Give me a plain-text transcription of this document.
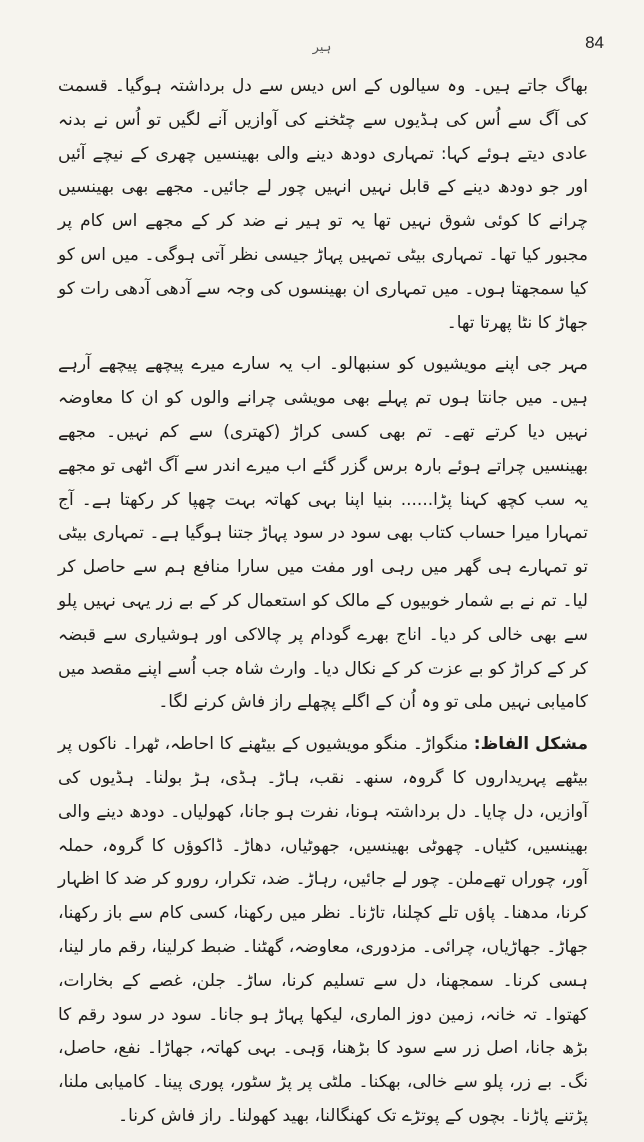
ہیر	84

بھاگ جاتے ہیں۔ وہ سیالوں کے اس دیس سے دل برداشتہ ہوگیا۔ قسمت کی آگ سے اُس کی ہڈیوں سے چٹخنے کی آوازیں آنے لگیں تو اُس نے بدنہ عادی دیتے ہوئے کہا: تمہاری دودھ دینے والی بھینسیں چھری کے نیچے آئیں اور جو دودھ دینے کے قابل نہیں انہیں چور لے جائیں۔ مجھے بھی بھینسیں چرانے کا کوئی شوق نہیں تھا یہ تو ہیر نے ضد کر کے مجھے اس کام پر مجبور کیا تھا۔ تمہاری بیٹی تمہیں پہاڑ جیسی نظر آتی ہوگی۔ میں اس کو کیا سمجھتا ہوں۔ میں تمہاری ان بھینسوں کی وجہ سے آدھی آدھی رات کو جھاڑ کا نٹا پھرتا تھا۔

مہر جی اپنے مویشیوں کو سنبھالو۔ اب یہ سارے میرے پیچھے پیچھے آرہے ہیں۔ میں جانتا ہوں تم پہلے بھی مویشی چرانے والوں کو ان کا معاوضہ نہیں دیا کرتے تھے۔ تم بھی کسی کراڑ (کھتری) سے کم نہیں۔ مجھے بھینسیں چراتے ہوئے بارہ برس گزر گئے اب میرے اندر سے آگ اٹھی تو مجھے یہ سب کچھ کہنا پڑا...... بنیا اپنا بہی کھاتہ بہت چھپا کر رکھتا ہے۔ آج تمہارا میرا حساب کتاب بھی سود در سود پہاڑ جتنا ہوگیا ہے۔ تمہاری بیٹی تو تمہارے ہی گھر میں رہی اور مفت میں سارا منافع ہم سے حاصل کر لیا۔ تم نے بے شمار خوبیوں کے مالک کو استعمال کر کے بے زر یہی نہیں پلو سے بھی خالی کر دیا۔ اناج بھرے گودام پر چالاکی اور ہوشیاری سے قبضہ کر کے کراڑ کو بے عزت کر کے نکال دیا۔ وارث شاہ جب اُسے اپنے مقصد میں کامیابی نہیں ملی تو وہ اُن کے اگلے پچھلے راز فاش کرنے لگا۔

مشکل الفاظ: منگواڑ۔ منگو مویشیوں کے بیٹھنے کا احاطہ، ٹھرا۔ ناکوں پر بیٹھے پہریداروں کا گروہ، سنھ۔ نقب، ہاڑ۔ ہڈی، ہڑ بولنا۔ ہڈیوں کی آوازیں، دل چایا۔ دل برداشتہ ہونا، نفرت ہو جانا، کھولیاں۔ دودھ دینے والی بھینسیں، کٹیاں۔ چھوٹی بھینسیں، جھوٹیاں، دھاڑ۔ ڈاکوؤں کا گروہ، حملہ آور، چوراں تھےملن۔ چور لے جائیں، رہاڑ۔ ضد، تکرار، رورو کر ضد کا اظہار کرنا، مدھنا۔ پاؤں تلے کچلنا، تاڑنا۔ نظر میں رکھنا، کسی کام سے باز رکھنا، جھاڑ۔ جھاڑیاں، چرائی۔ مزدوری، معاوضہ، گھٹنا۔ ضبط کرلینا، رقم مار لینا، ہسی کرنا۔ سمجھنا، دل سے تسلیم کرنا، ساڑ۔ جلن، غصے کے بخارات، کھتوا۔ تہ خانہ، زمین دوز الماری، لیکھا پہاڑ ہو جانا۔ سود در سود رقم کا بڑھ جانا، اصل زر سے سود کا بڑھنا، وَہی۔ بہی کھاتہ، جھاڑا۔ نفع، حاصل، نگ۔ بے زر، پلو سے خالی، بھکنا۔ ملٹی پر پڑ سٹور، پوری پینا۔ کامیابی ملنا، پڑتنے پاڑنا۔ بچوں کے پوتڑے تک کھنگالنا، بھید کھولنا۔ راز فاش کرنا۔
